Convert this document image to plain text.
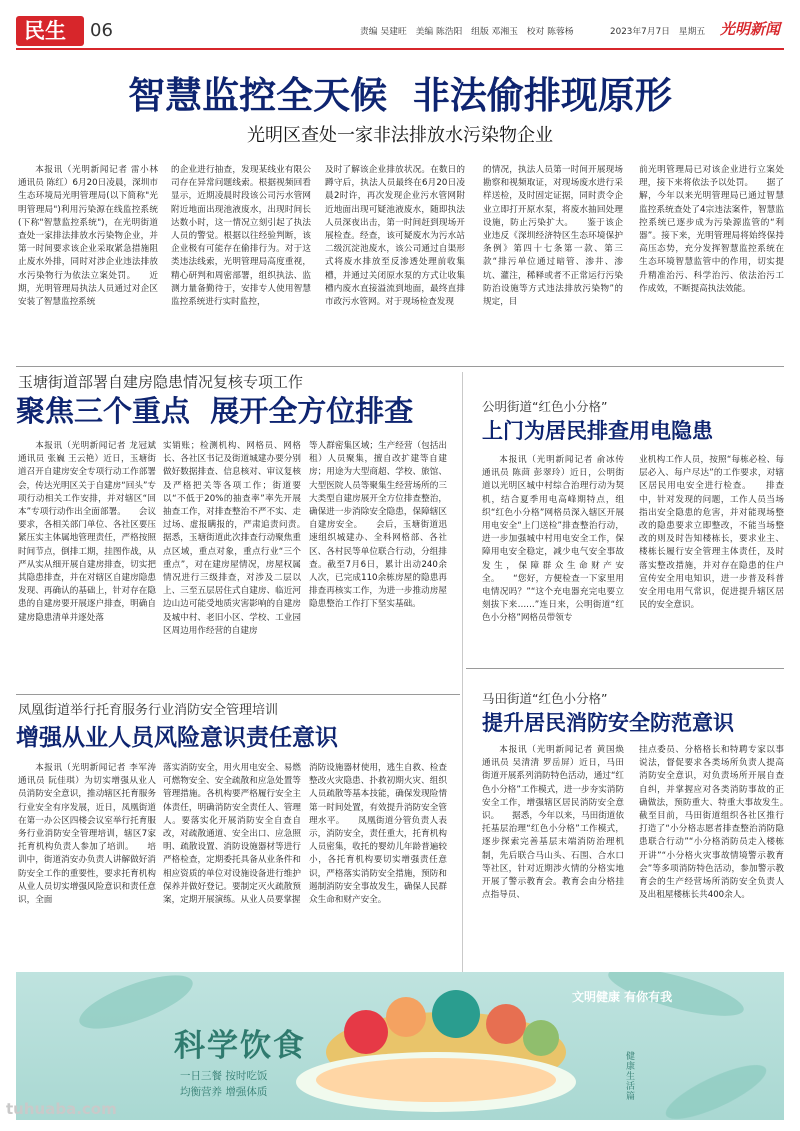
民生 06	责编 吴建旺　美编 陈浩阳　组版 邓湘玉　校对 陈蓉杨	2023年7月7日　星期五 光明新闻
智慧监控全天候  非法偷排现原形
光明区查处一家非法排放水污染物企业
本报讯（光明新闻记者 雷小林 通讯员 陈红）6月20日凌晨，深圳市生态环境局光明管理局(以下简称"光明管理局")利用污染源在线监控系统(下称"智慧监控系统")，在光明街道查处一家排法排放水污染物企业，并第一时间要求该企业采取紧急措施阻止废水外排，同时对涉企业违法排放水污染物行为依法立案处罚。　　近期，光明管理局执法人员通过对企区安装了智慧监控系统
的企业进行抽查，发现某线业有限公司存在异常问题线索。根据视频回看显示，近期凌晨时段该公司污水管网附近地面出现池液废水，出现时间长达数小时，这一情况立刻引起了执法人员的警觉。根据以往经验判断，该企业极有可能存在偷排行为。对于这类违法线索，光明管理局高度重视，精心研判和周密部署，组织执法、监测力量备勤待于，安排专人使用智慧监控系统进行实时监控，
及时了解该企业排放状况。在数日的蹲守后，执法人员最终在6月20日凌晨2时许，再次发现企业污水管网附近地面出现可疑池液废水，随即执法人员深夜出击，第一时间赶到现场开展检查。经查，该可疑废水为污水站二级沉淀池废水，该公司通过自渠形式将废水排放至反渗透处理前收集槽，并通过关闭原水泵的方式让收集槽内废水直接溢流到地面，最终直排市政污水管网。对于现场检查发现
的情况，执法人员第一时间开展现场勘察和视频取证，对现场废水进行采样送检，及时固定证据，同时责令企业立即打开原水泵，将废水抽回处理设施，防止污染扩大。　　鉴于该企业违反《深圳经济特区生态环境保护条例》第四十七条第一款、第三款“排污单位通过暗管、渗井、渗坑、灌注，稀释或者不正常运行污染防治设施等方式违法排放污染物”的规定，目
前光明管理局已对该企业进行立案处理，接下来将依法予以处罚。　　据了解，今年以来光明管理局已通过智慧监控系统查处了4宗违法案件，智慧监控系统已逐步成为污染源监管的“利器”。接下来，光明管理局将始终保持高压态势，充分发挥智慧监控系统在生态环境智慧监管中的作用，切实提升精准治污、科学治污、依法治污工作成效，不断提高执法效能。
玉塘街道部署自建房隐患情况复核专项工作
聚焦三个重点  展开全方位排查
本报讯（光明新闻记者 龙冠斌 通讯员 张巍 王云艳）近日，玉塘街道召开自建房安全专项行动工作部署会，传达光明区关于自建房“回头”专项行动相关工作安排，并对辖区“回本”专项行动作出全面部署。　　会议要求，各相关部门单位、各社区要压紧压实主体属地管理责任，严格按照时间节点，倒排工期，挂图作战，从严从实从细开展自建房排查，切实把其隐患排查，并在对辖区自建房隐患发现、再确认的基础上，针对存在隐患的自建房要开展逐户排查，明确自建房隐患清单并逐处落
实销账；检测机构、网格员、网格长、各社区书记及街道城建办要分别做好数据排查、信息核对、审议复核及严格把关等各项工作；街道要以“不低于20%的抽查率”率先开展抽查工作，对排查整治不严不实、走过场、虚报瞒报的，严肃追责问责。　　据悉，玉塘街道此次排查行动聚焦重点区域，重点对象，重点行业“三个重点”，对在建房屋情况，房屋权属情况进行三级排查，对涉及二层以上、三至五层居住式自建房、临近河边山边可能受地质灾害影响的自建房及城中村、老旧小区、学校、工业园区周边用作经营的自建房
等人群密集区域；生产经营（包括出租）人员聚集，擅自改扩建等自建房；用途为大型商超、学校、旅馆、大型医院人员等聚集生经营场所的三大类型自建房展开全方位排查整治，确保进一步消除安全隐患，保障辖区自建房安全。　　会后，玉塘街道迅速组织城建办、全科网格部、各社区、各村民等单位联合行动，分组排查。截至7月6日，累计出动240余人次，已完成110余栋房屋的隐患再排查再核实工作，为进一步推动房屋隐患整治工作打下坚实基础。
公明街道“红色小分格”
上门为居民排查用电隐患
本报讯（光明新闻记者 俞冰传 通讯员 陈茴 彭翠玲）近日，公明街道以光明区城中村综合治理行动为契机，结合夏季用电高峰期特点，组织“红色小分格”网格员深入辖区开展用电安全“上门送检”排查整治行动，进一步加强城中村用电安全工作，保障用电安全稳定，减少电气安全事故发生，保障群众生命财产安全。　　“您好，方便检查一下家里用电情况吗？”“这个充电器充完电要立刻拔下来……”连日来，公明街道“红色小分格”网格员带领专
业机构工作人员，按照“每栋必检、每层必入、每户尽达”的工作要求，对辖区居民用电安全进行检查。　　排查中，针对发现的问题，工作人员当场指出安全隐患的危害，并对能现场整改的隐患要求立即整改，不能当场整改的则及时告知楼栋长，要求业主、楼栋长履行安全管理主体责任，及时落实整改措施，并对存在隐患的住户宣传安全用电知识，进一步普及科普安全用电用气常识，促进提升辖区居民的安全意识。
凤凰街道举行托育服务行业消防安全管理培训
增强从业人员风险意识责任意识
本报讯（光明新闻记者 李军涛 通讯员 阮佳琪）为切实增强从业人员消防安全意识，推动辖区托育服务行业安全有序发展，近日，凤凰街道在第一办公区四楼会议室举行托育服务行业消防安全管理培训，辖区7家托育机构负责人参加了培训。　　培训中，街道消安办负责人讲解做好消防安全工作的重要性，要求托育机构从业人员切实增强风险意识和责任意识，全面
落实消防安全，用火用电安全、易燃可燃物安全、安全疏散和应急处置等管理措施。各机构要严格履行安全主体责任，明确消防安全责任人、管理人。要落实化开展消防安全自查自改，对疏散通道、安全出口、应急照明、疏散设置、消防设施器材等进行严格检查，定期委托具备从业条件和相应资质的单位对设施设备进行维护保养并做好登记。要制定灭火疏散预案，定期开展演练。从业人员要掌握
消防设施器材使用，逃生自救、检查整改火灾隐患、扑救初期火灾、组织人员疏散等基本技能，确保发现险情第一时间处置，有效提升消防安全管理水平。　　凤凰街道分管负责人表示，消防安全，责任重大，托育机构人员密集，收托的婴幼儿年龄普遍较小，各托育机构要切实增强责任意识，严格落实消防安全措施，预防和遏制消防安全事故发生，确保人民群众生命和财产安全。
马田街道“红色小分格”
提升居民消防安全防范意识
本报讯（光明新闻记者 黄国焕 通讯员 吴清清 罗岳屏）近日，马田街道开展系列消防特色活动，通过“红色小分格”工作模式，进一步夯实消防安全工作，增强辖区居民消防安全意识。　　据悉，今年以来，马田街道依托基层治理“红色小分格”工作模式，逐步探索完善基层末端消防治理机制，先后联合马山头、石围、合水口等社区，针对近期涉火情的分格实地开展了警示教育会。教育会由分格挂点指导员、
挂点委员、分格格长和特聘专家以事说法，督促要求各类场所负责人提高消防安全意识，对负责场所开展自查自纠，并掌握应对各类消防事故的正确做法，预防重大、特重大事故发生。　　截至目前，马田街道组织各社区推行打造了“小分格志愿者排查整治消防隐患联合行动”“小分格消防员走入楼栋开讲”“小分格火灾事故情境警示教育会”等多项消防特色活动，参加警示教育会的生产经营场所消防安全负责人及出租屋楼栋长共400余人。
文明健康 有你有我
科学饮食
一日三餐 按时吃饭
均衡营养 增强体质
健康生活篇
tuhuaba.com
